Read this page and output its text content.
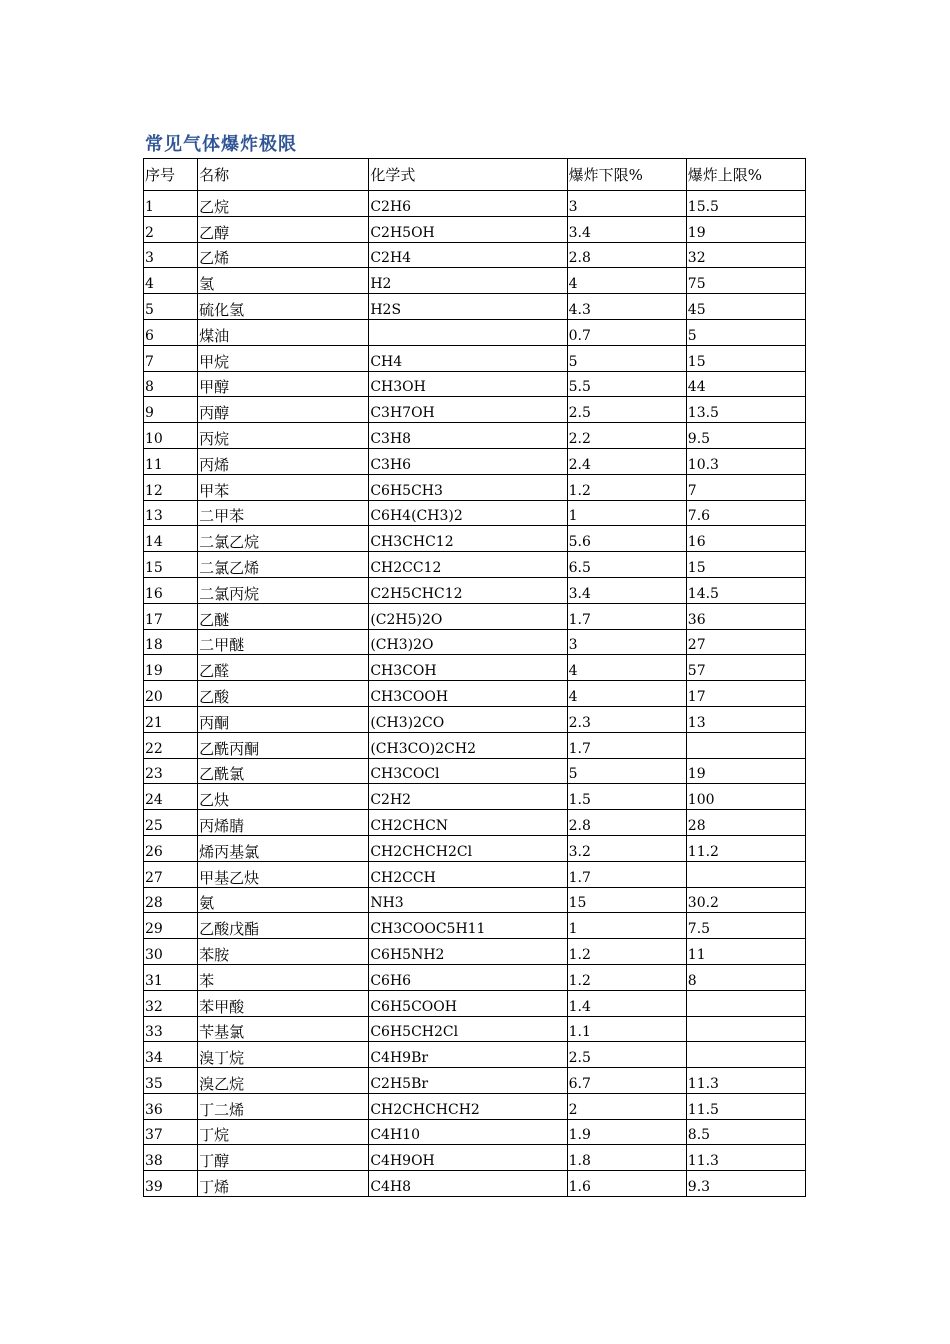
常见气体爆炸极限
序号	名称	化学式	爆炸下限%	爆炸上限%
1	乙烷	C2H6	3	15.5
2	乙醇	C2H5OH	3.4	19
3	乙烯	C2H4	2.8	32
4	氢	H2	4	75
5	硫化氢	H2S	4.3	45
6	煤油		0.7	5
7	甲烷	CH4	5	15
8	甲醇	CH3OH	5.5	44
9	丙醇	C3H7OH	2.5	13.5
10	丙烷	C3H8	2.2	9.5
11	丙烯	C3H6	2.4	10.3
12	甲苯	C6H5CH3	1.2	7
13	二甲苯	C6H4(CH3)2	1	7.6
14	二氯乙烷	CH3CHC12	5.6	16
15	二氯乙烯	CH2CC12	6.5	15
16	二氯丙烷	C2H5CHC12	3.4	14.5
17	乙醚	(C2H5)2O	1.7	36
18	二甲醚	(CH3)2O	3	27
19	乙醛	CH3COH	4	57
20	乙酸	CH3COOH	4	17
21	丙酮	(CH3)2CO	2.3	13
22	乙酰丙酮	(CH3CO)2CH2	1.7	
23	乙酰氯	CH3COCl	5	19
24	乙炔	C2H2	1.5	100
25	丙烯腈	CH2CHCN	2.8	28
26	烯丙基氯	CH2CHCH2Cl	3.2	11.2
27	甲基乙炔	CH2CCH	1.7	
28	氨	NH3	15	30.2
29	乙酸戊酯	CH3COOC5H11	1	7.5
30	苯胺	C6H5NH2	1.2	11
31	苯	C6H6	1.2	8
32	苯甲酸	C6H5COOH	1.4	
33	苄基氯	C6H5CH2Cl	1.1	
34	溴丁烷	C4H9Br	2.5	
35	溴乙烷	C2H5Br	6.7	11.3
36	丁二烯	CH2CHCHCH2	2	11.5
37	丁烷	C4H10	1.9	8.5
38	丁醇	C4H9OH	1.8	11.3
39	丁烯	C4H8	1.6	9.3
